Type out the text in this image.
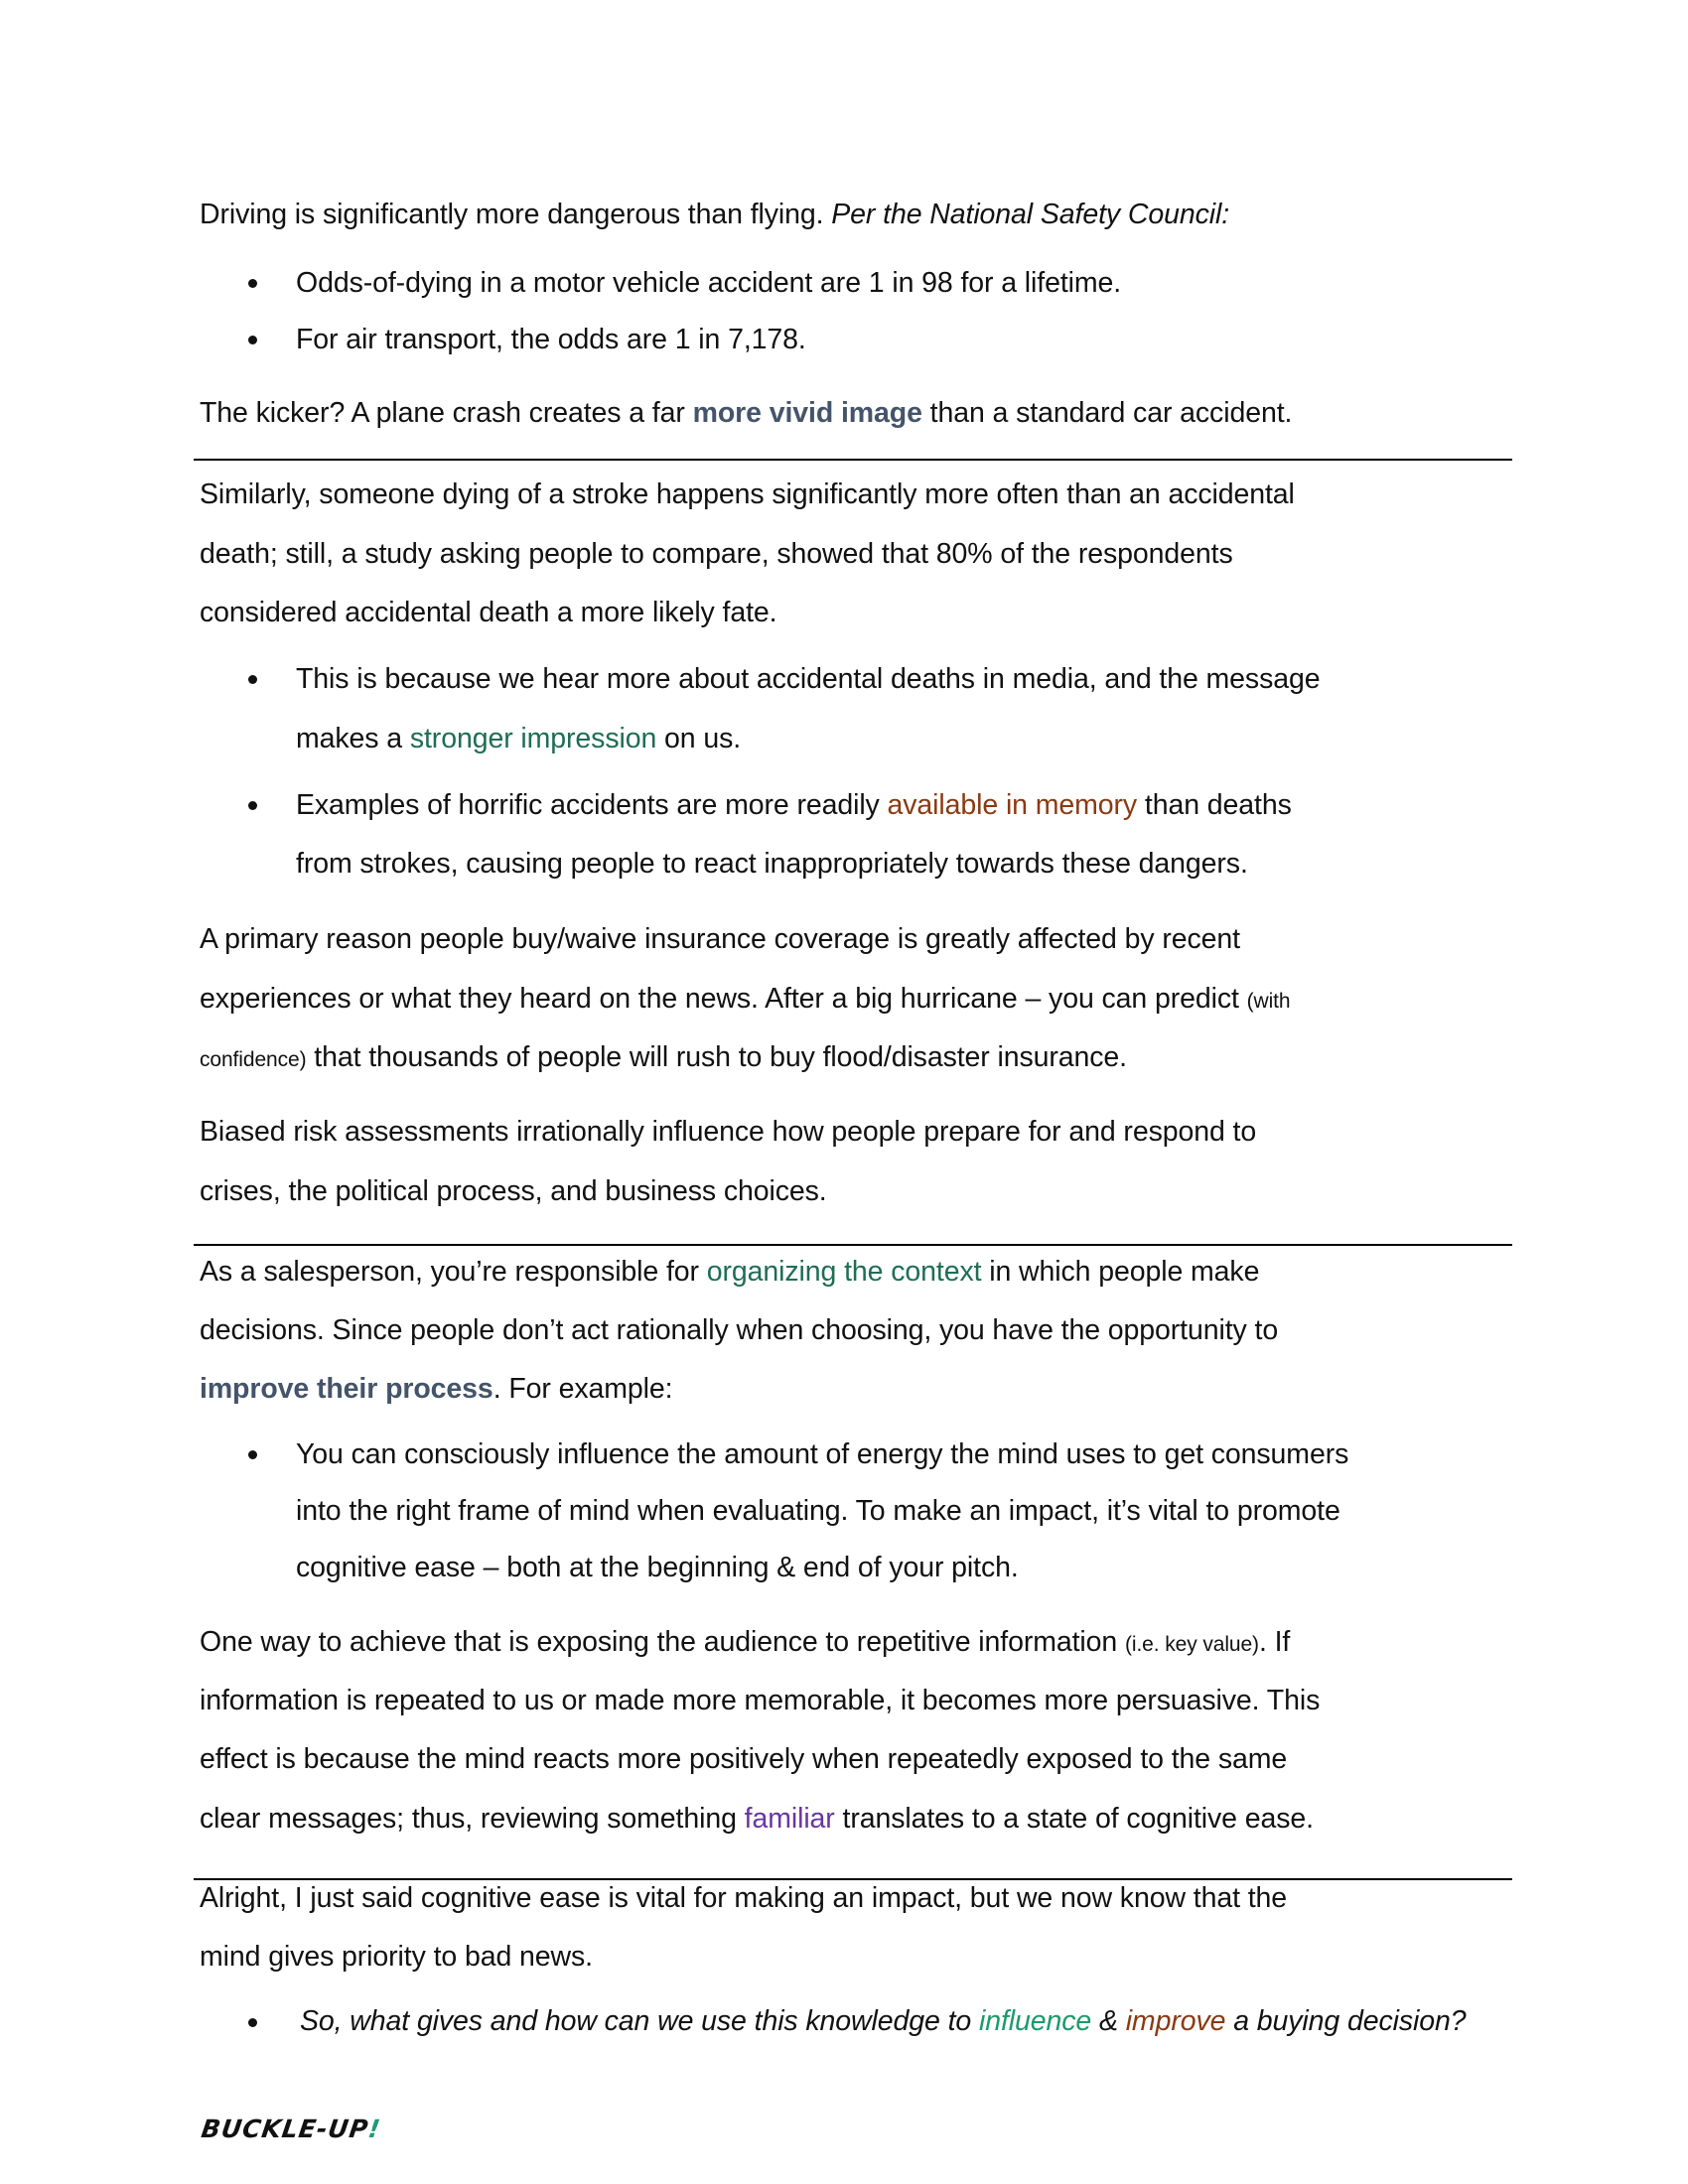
Driving is significantly more dangerous than flying. Per the National Safety Council:
Odds-of-dying in a motor vehicle accident are 1 in 98 for a lifetime.
For air transport, the odds are 1 in 7,178.
The kicker? A plane crash creates a far more vivid image than a standard car accident.
Similarly, someone dying of a stroke happens significantly more often than an accidental
death; still, a study asking people to compare, showed that 80% of the respondents
considered accidental death a more likely fate.
This is because we hear more about accidental deaths in media, and the message
makes a stronger impression on us.
Examples of horrific accidents are more readily available in memory than deaths
from strokes, causing people to react inappropriately towards these dangers.
A primary reason people buy/waive insurance coverage is greatly affected by recent
experiences or what they heard on the news. After a big hurricane – you can predict (with
confidence) that thousands of people will rush to buy flood/disaster insurance.
Biased risk assessments irrationally influence how people prepare for and respond to
crises, the political process, and business choices.
As a salesperson, you’re responsible for organizing the context in which people make
decisions. Since people don’t act rationally when choosing, you have the opportunity to
improve their process. For example:
You can consciously influence the amount of energy the mind uses to get consumers
into the right frame of mind when evaluating. To make an impact, it’s vital to promote
cognitive ease – both at the beginning & end of your pitch.
One way to achieve that is exposing the audience to repetitive information (i.e. key value). If
information is repeated to us or made more memorable, it becomes more persuasive. This
effect is because the mind reacts more positively when repeatedly exposed to the same
clear messages; thus, reviewing something familiar translates to a state of cognitive ease.
Alright, I just said cognitive ease is vital for making an impact, but we now know that the
mind gives priority to bad news.
So, what gives and how can we use this knowledge to influence & improve a buying decision?
BUCKLE-UP!
